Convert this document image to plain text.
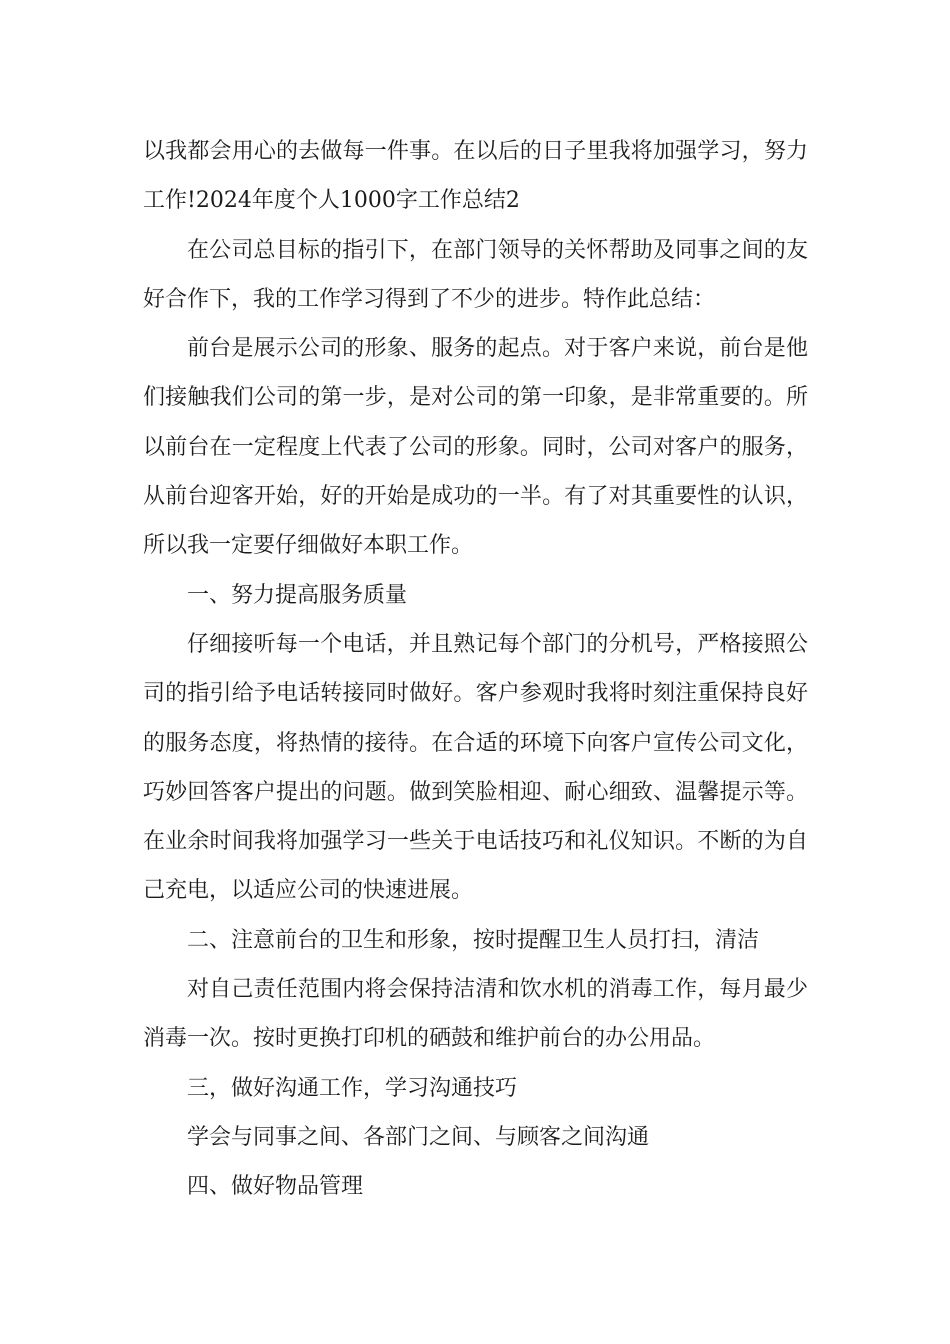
以我都会用心的去做每一件事。在以后的日子里我将加强学习，努力工作!2024年度个人1000字工作总结2

在公司总目标的指引下，在部门领导的关怀帮助及同事之间的友好合作下，我的工作学习得到了不少的进步。特作此总结：

前台是展示公司的形象、服务的起点。对于客户来说，前台是他们接触我们公司的第一步，是对公司的第一印象，是非常重要的。所以前台在一定程度上代表了公司的形象。同时，公司对客户的服务，从前台迎客开始，好的开始是成功的一半。有了对其重要性的认识，所以我一定要仔细做好本职工作。

一、努力提高服务质量

仔细接听每一个电话，并且熟记每个部门的分机号，严格接照公司的指引给予电话转接同时做好。客户参观时我将时刻注重保持良好的服务态度，将热情的接待。在合适的环境下向客户宣传公司文化，巧妙回答客户提出的问题。做到笑脸相迎、耐心细致、温馨提示等。在业余时间我将加强学习一些关于电话技巧和礼仪知识。不断的为自己充电，以适应公司的快速进展。

二、注意前台的卫生和形象，按时提醒卫生人员打扫，清洁

对自己责任范围内将会保持洁清和饮水机的消毒工作，每月最少消毒一次。按时更换打印机的硒鼓和维护前台的办公用品。

三，做好沟通工作，学习沟通技巧

学会与同事之间、各部门之间、与顾客之间沟通

四、做好物品管理
